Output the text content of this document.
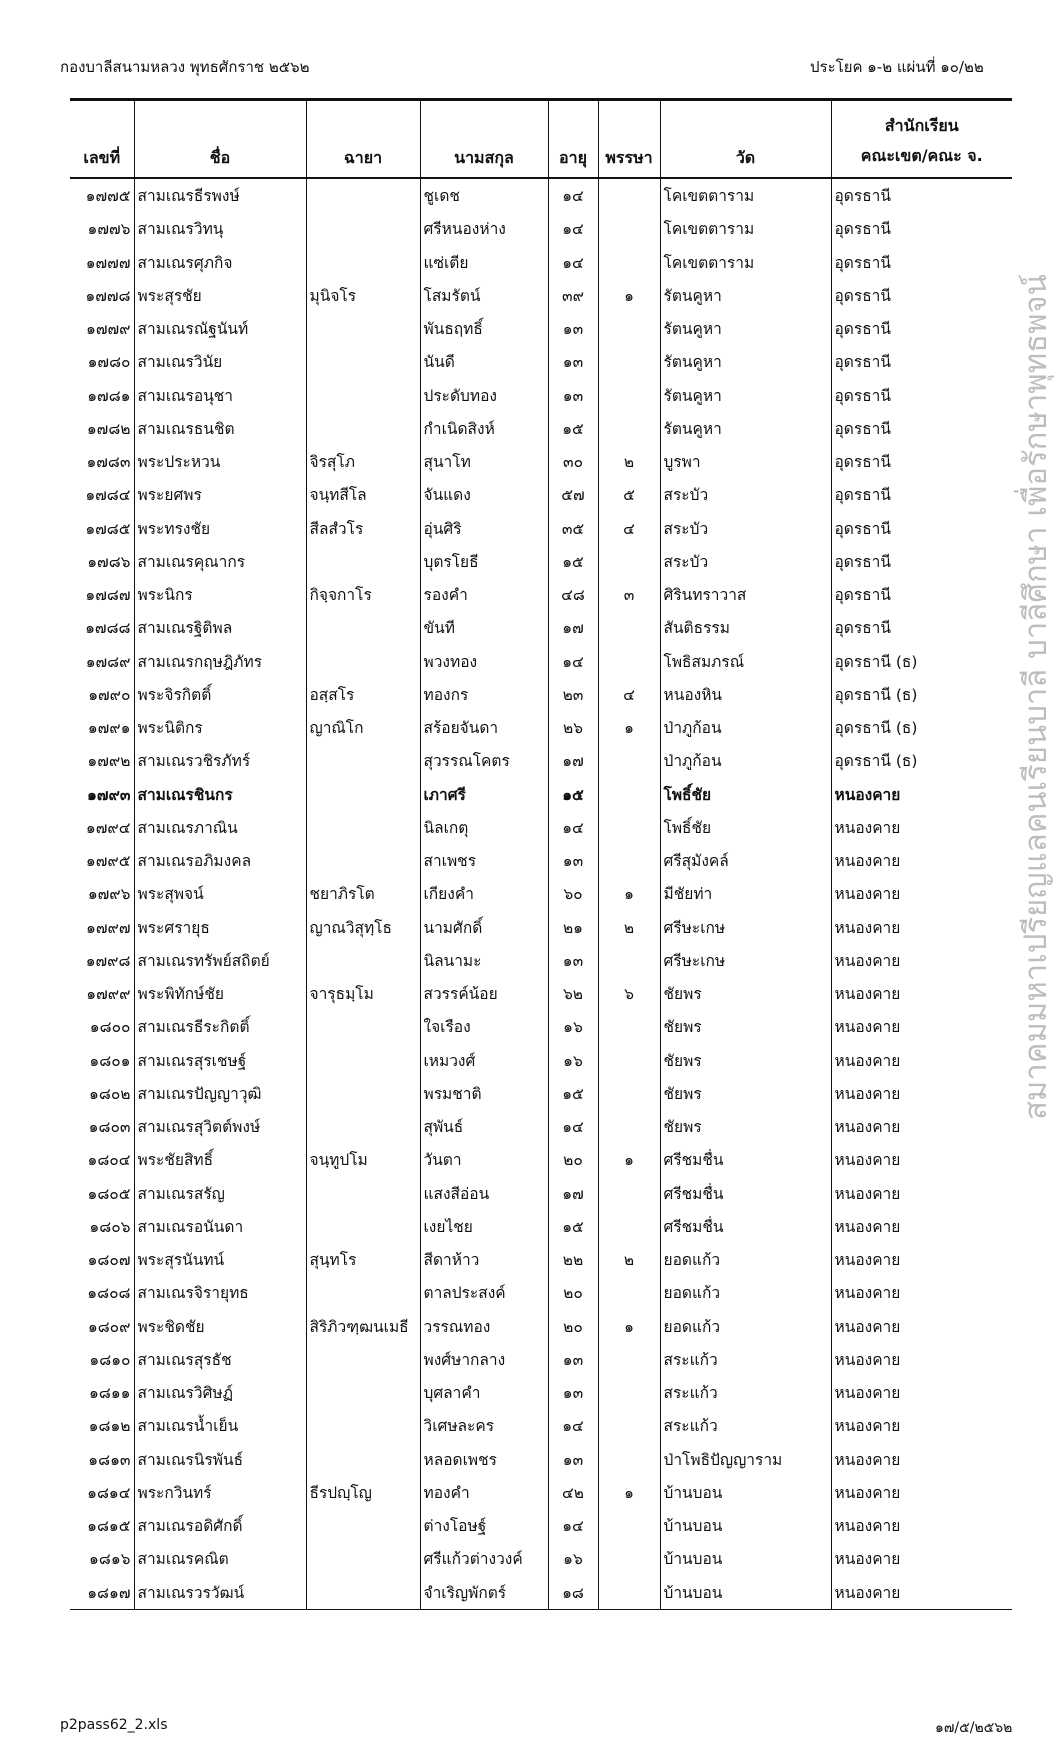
กองบาลีสนามหลวง พุทธศักราช ๒๕๖๒	ประโยค ๑-๒ แผ่นที่ ๑๐/๒๒
เลขที่	ชื่อ	ฉายา	นามสกุล	อายุ	พรรษา	วัด	สำนักเรียน
คณะเขต/คณะ จ.

๑๗๗๕	สามเณรธีรพงษ์		ชูเดช	๑๔		โคเขตตาราม	อุดรธานี
๑๗๗๖	สามเณรวิทนุ		ศรีหนองห่าง	๑๔		โคเขตตาราม	อุดรธานี
๑๗๗๗	สามเณรศุภกิจ		แซ่เตีย	๑๔		โคเขตตาราม	อุดรธานี
๑๗๗๘	พระสุรชัย	มุนิจโร	โสมรัตน์	๓๙	๑	รัตนคูหา	อุดรธานี
๑๗๗๙	สามเณรณัฐนันท์		พันธฤทธิ์	๑๓		รัตนคูหา	อุดรธานี
๑๗๘๐	สามเณรวินัย		นันดี	๑๓		รัตนคูหา	อุดรธานี
๑๗๘๑	สามเณรอนุชา		ประดับทอง	๑๓		รัตนคูหา	อุดรธานี
๑๗๘๒	สามเณรธนชิต		กำเนิดสิงห์	๑๕		รัตนคูหา	อุดรธานี
๑๗๘๓	พระประหวน	จิรสุโภ	สุนาโท	๓๐	๒	บูรพา	อุดรธานี
๑๗๘๔	พระยศพร	จนฺทสีโล	จันแดง	๕๗	๕	สระบัว	อุดรธานี
๑๗๘๕	พระทรงชัย	สีลสํวโร	อุ่นศิริ	๓๕	๔	สระบัว	อุดรธานี
๑๗๘๖	สามเณรคุณากร		บุตรโยธี	๑๕		สระบัว	อุดรธานี
๑๗๘๗	พระนิกร	กิจฺจกาโร	รองคำ	๔๘	๓	ศิรินทราวาส	อุดรธานี
๑๗๘๘	สามเณรฐิติพล		ขันที	๑๗		สันติธรรม	อุดรธานี
๑๗๘๙	สามเณรกฤษฎิภัทร		พวงทอง	๑๔		โพธิสมภรณ์	อุดรธานี (ธ)
๑๗๙๐	พระจิรกิตติ์	อสฺสโร	ทองกร	๒๓	๔	หนองหิน	อุดรธานี (ธ)
๑๗๙๑	พระนิติกร	ญาณิโก	สร้อยจันดา	๒๖	๑	ป่าภูก้อน	อุดรธานี (ธ)
๑๗๙๒	สามเณรวชิรภัทร์		สุวรรณโคตร	๑๗		ป่าภูก้อน	อุดรธานี (ธ)
๑๗๙๓	สามเณรชินกร		เภาศรี	๑๕		โพธิ์ชัย	หนองคาย
๑๗๙๔	สามเณรภาณิน		นิลเกตุ	๑๔		โพธิ์ชัย	หนองคาย
๑๗๙๕	สามเณรอภิมงคล		สาเพชร	๑๓		ศรีสุมังคล์	หนองคาย
๑๗๙๖	พระสุพจน์	ชยาภิรโต	เกียงคำ	๖๐	๑	มีชัยท่า	หนองคาย
๑๗๙๗	พระศรายุธ	ญาณวิสุทฺโธ	นามศักดิ์	๒๑	๒	ศรีษะเกษ	หนองคาย
๑๗๙๘	สามเณรทรัพย์สถิตย์		นิลนามะ	๑๓		ศรีษะเกษ	หนองคาย
๑๗๙๙	พระพิทักษ์ชัย	จารุธมฺโม	สวรรค์น้อย	๖๒	๖	ชัยพร	หนองคาย
๑๘๐๐	สามเณรธีระกิตติ์		ใจเรือง	๑๖		ชัยพร	หนองคาย
๑๘๐๑	สามเณรสุรเชษฐ์		เหมวงศ์	๑๖		ชัยพร	หนองคาย
๑๘๐๒	สามเณรปัญญาวุฒิ		พรมชาติ	๑๕		ชัยพร	หนองคาย
๑๘๐๓	สามเณรสุวิตต์พงษ์		สุพันธ์	๑๔		ชัยพร	หนองคาย
๑๘๐๔	พระชัยสิทธิ์	จนฺทูปโม	วันตา	๒๐	๑	ศรีชมชื่น	หนองคาย
๑๘๐๕	สามเณรสรัญ		แสงสีอ่อน	๑๗		ศรีชมชื่น	หนองคาย
๑๘๐๖	สามเณรอนันดา		เงยไชย	๑๕		ศรีชมชื่น	หนองคาย
๑๘๐๗	พระสุรนันทน์	สุนฺทโร	สีดาห้าว	๒๒	๒	ยอดแก้ว	หนองคาย
๑๘๐๘	สามเณรจิรายุทธ		ตาลประสงค์	๒๐		ยอดแก้ว	หนองคาย
๑๘๐๙	พระชิดชัย	สิริภิวฑฺฒนเมธี	วรรณทอง	๒๐	๑	ยอดแก้ว	หนองคาย
๑๘๑๐	สามเณรสุรธัช		พงศ์ษากลาง	๑๓		สระแก้ว	หนองคาย
๑๘๑๑	สามเณรวิศิษฏ์		บุศลาคำ	๑๓		สระแก้ว	หนองคาย
๑๘๑๒	สามเณรน้ำเย็น		วิเศษละคร	๑๔		สระแก้ว	หนองคาย
๑๘๑๓	สามเณรนิรพันธ์		หลอดเพชร	๑๓		ป่าโพธิปัญญาราม	หนองคาย
๑๘๑๔	พระกวินทร์	ธีรปญฺโญ	ทองคำ	๔๒	๑	บ้านบอน	หนองคาย
๑๘๑๕	สามเณรอดิศักดิ์		ต่างโอษฐ์	๑๔		บ้านบอน	หนองคาย
๑๘๑๖	สามเณรคณิต		ศรีแก้วต่างวงค์	๑๖		บ้านบอน	หนองคาย
๑๘๑๗	สามเณรวรวัฒน์		จำเริญพักตร์	๑๘		บ้านบอน	หนองคาย
สมาคมมหาเปรียญแลคนเรียนบาลี บาลีศึกษา เพื่อรักษาพุทธพจน์
p2pass62_2.xls	๑๗/๕/๒๕๖๒
